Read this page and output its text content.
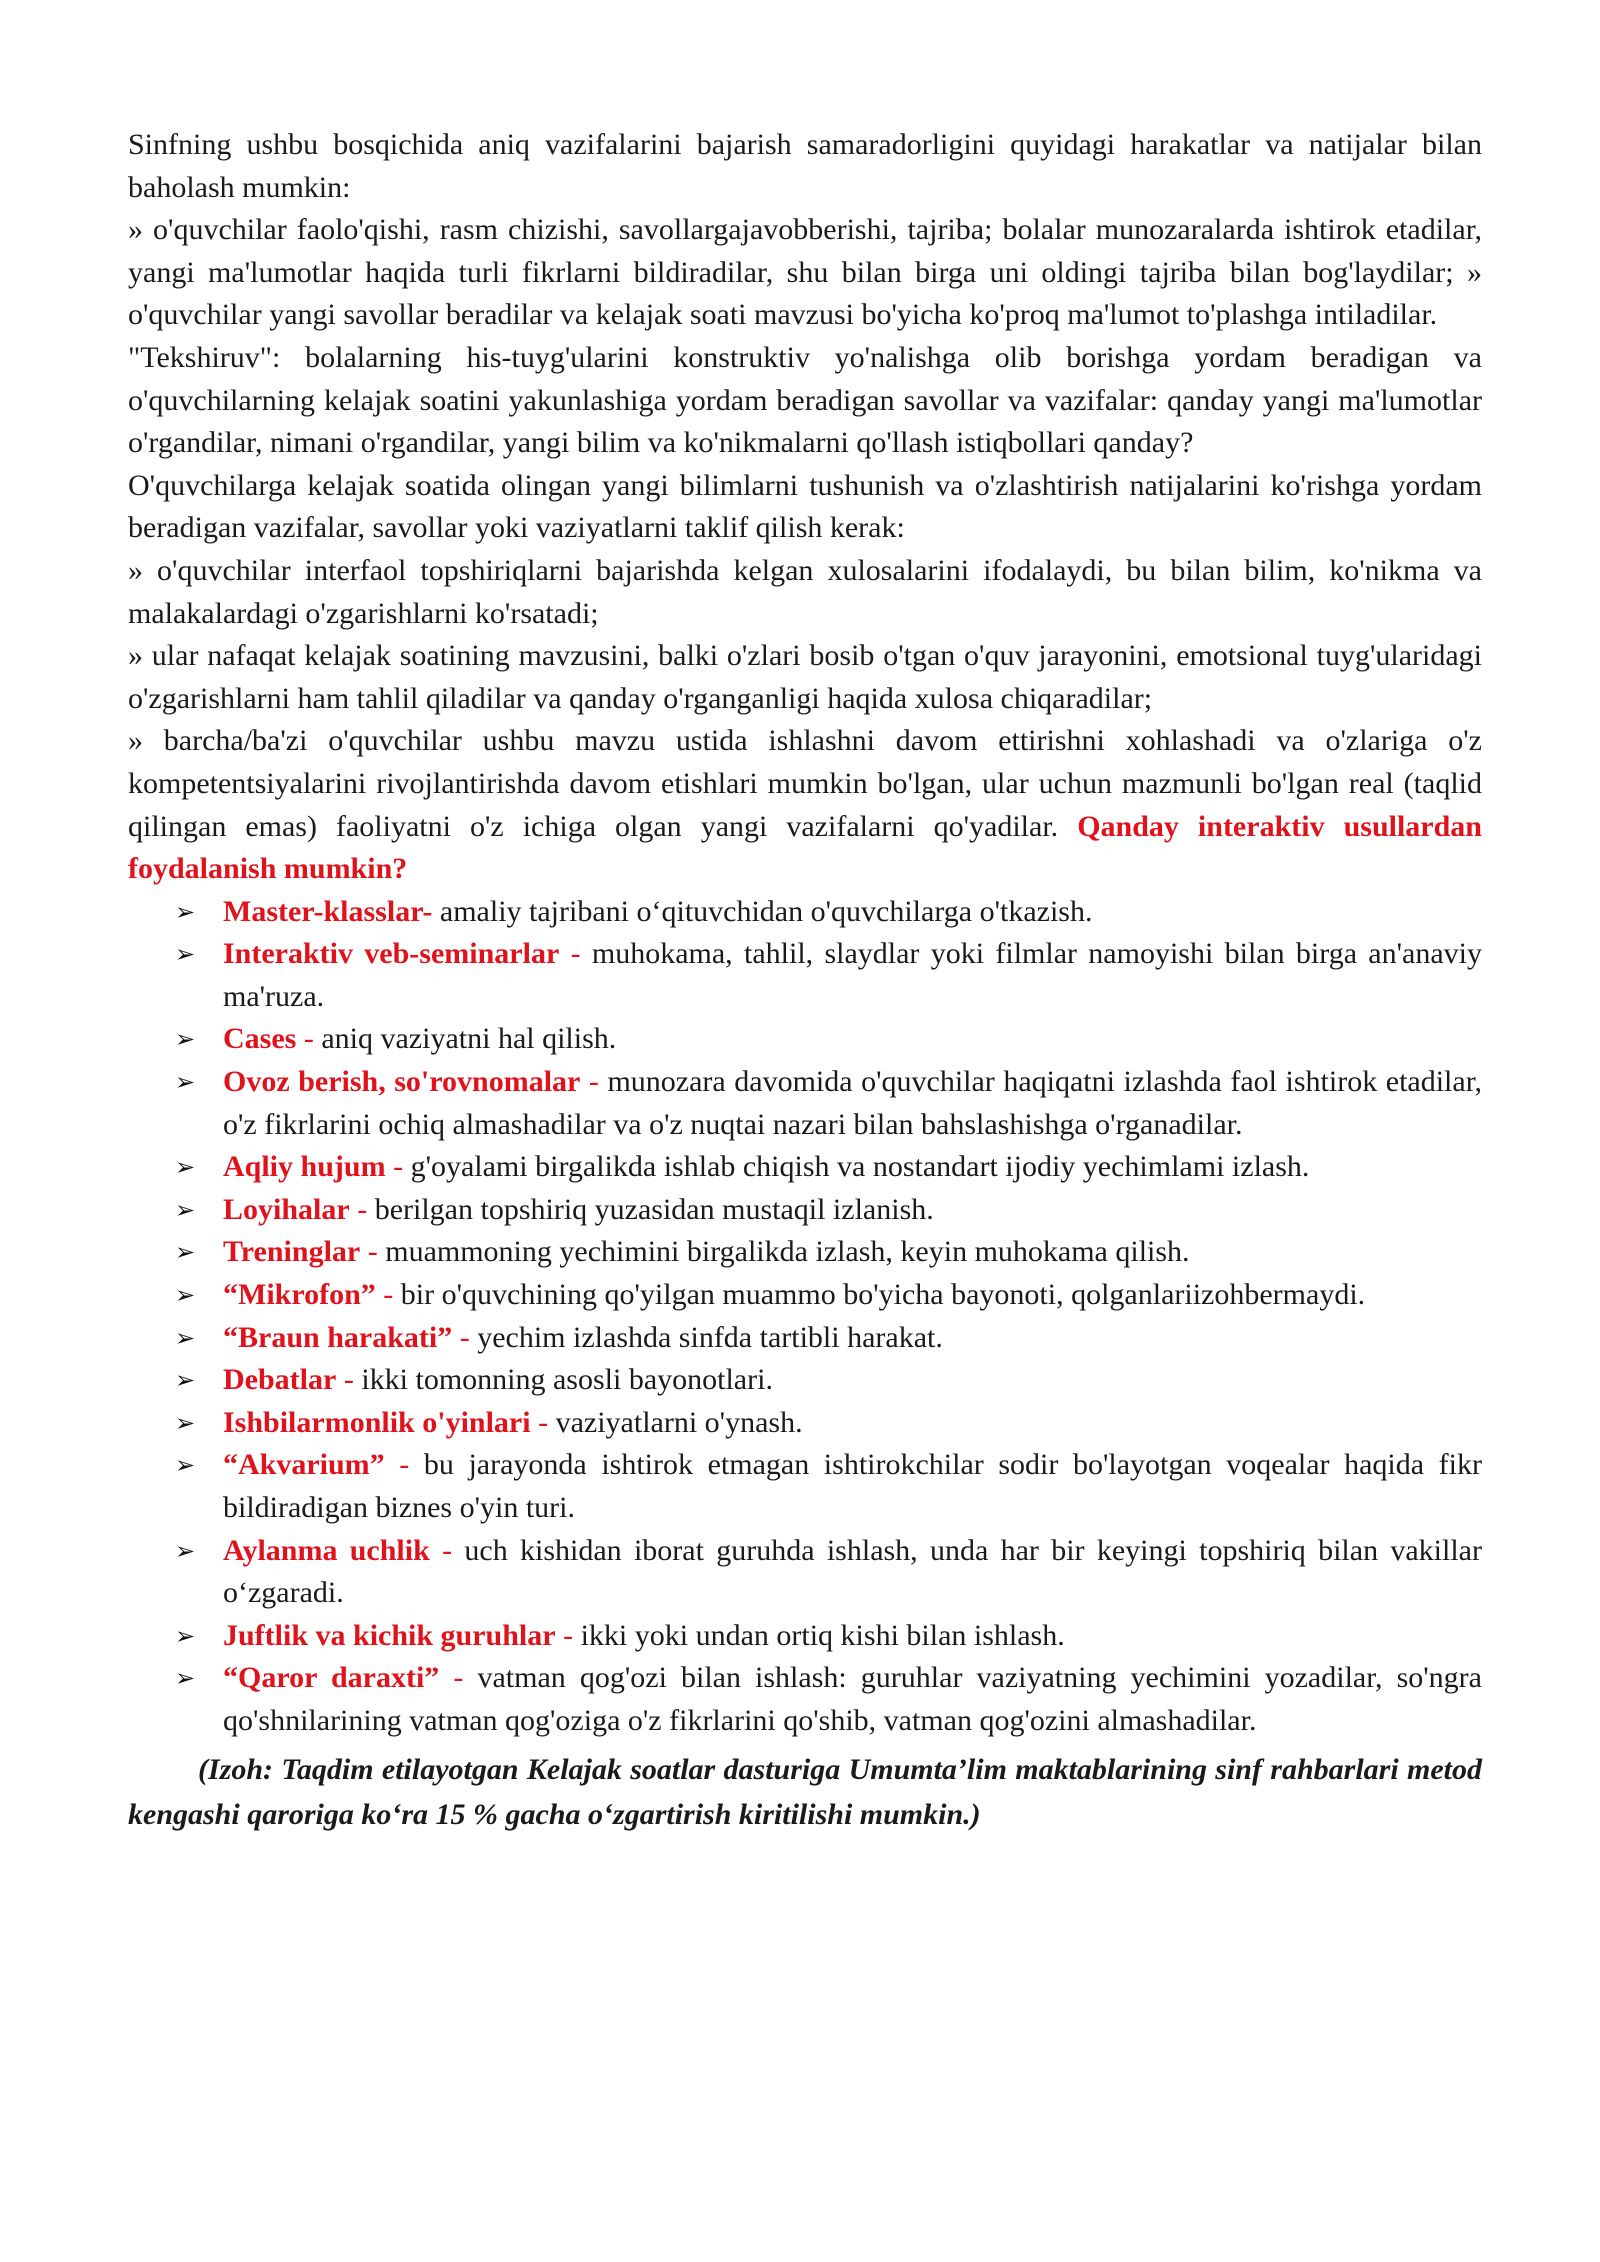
Sinfning ushbu bosqichida aniq vazifalarini bajarish samaradorligini quyidagi harakatlar va natijalar bilan baholash mumkin:

» o'quvchilar faolo'qishi, rasm chizishi, savollargajavobberishi, tajriba; bolalar munozaralarda ishtirok etadilar, yangi ma'lumotlar haqida turli fikrlarni bildiradilar, shu bilan birga uni oldingi tajriba bilan bog'laydilar; » o'quvchilar yangi savollar beradilar va kelajak soati mavzusi bo'yicha ko'proq ma'lumot to'plashga intiladilar.

"Tekshiruv": bolalarning his-tuyg'ularini konstruktiv yo'nalishga olib borishga yordam beradigan va o'quvchilarning kelajak soatini yakunlashiga yordam beradigan savollar va vazifalar: qanday yangi ma'lumotlar o'rgandilar, nimani o'rgandilar, yangi bilim va ko'nikmalarni qo'llash istiqbollari qanday?

O'quvchilarga kelajak soatida olingan yangi bilimlarni tushunish va o'zlashtirish natijalarini ko'rishga yordam beradigan vazifalar, savollar yoki vaziyatlarni taklif qilish kerak:

» o'quvchilar interfaol topshiriqlarni bajarishda kelgan xulosalarini ifodalaydi, bu bilan bilim, ko'nikma va malakalardagi o'zgarishlarni ko'rsatadi;

» ular nafaqat kelajak soatining mavzusini, balki o'zlari bosib o'tgan o'quv jarayonini, emotsional tuyg'ularidagi o'zgarishlarni ham tahlil qiladilar va qanday o'rganganligi haqida xulosa chiqaradilar;

» barcha/ba'zi o'quvchilar ushbu mavzu ustida ishlashni davom ettirishni xohlashadi va o'zlariga o'z kompetentsiyalarini rivojlantirishda davom etishlari mumkin bo'lgan, ular uchun mazmunli bo'lgan real (taqlid qilingan emas) faoliyatni o'z ichiga olgan yangi vazifalarni qo'yadilar. Qanday interaktiv usullardan foydalanish mumkin?

➢ Master-klasslar- amaliy tajribani o‘qituvchidan o'quvchilarga o'tkazish.
➢ Interaktiv veb-seminarlar - muhokama, tahlil, slaydlar yoki filmlar namoyishi bilan birga an'anaviy ma'ruza.
➢ Cases - aniq vaziyatni hal qilish.
➢ Ovoz berish, so'rovnomalar - munozara davomida o'quvchilar haqiqatni izlashda faol ishtirok etadilar, o'z fikrlarini ochiq almashadilar va o'z nuqtai nazari bilan bahslashishga o'rganadilar.
➢ Aqliy hujum - g'oyalami birgalikda ishlab chiqish va nostandart ijodiy yechimlami izlash.
➢ Loyihalar - berilgan topshiriq yuzasidan mustaqil izlanish.
➢ Treninglar - muammoning yechimini birgalikda izlash, keyin muhokama qilish.
➢ “Mikrofon” - bir o'quvchining qo'yilgan muammo bo'yicha bayonoti, qolganlariizohbermaydi.
➢ “Braun harakati” - yechim izlashda sinfda tartibli harakat.
➢ Debatlar - ikki tomonning asosli bayonotlari.
➢ Ishbilarmonlik o'yinlari - vaziyatlarni o'ynash.
➢ “Akvarium” - bu jarayonda ishtirok etmagan ishtirokchilar sodir bo'layotgan voqealar haqida fikr bildiradigan biznes o'yin turi.
➢ Aylanma uchlik - uch kishidan iborat guruhda ishlash, unda har bir keyingi topshiriq bilan vakillar o‘zgaradi.
➢ Juftlik va kichik guruhlar - ikki yoki undan ortiq kishi bilan ishlash.
➢ “Qaror daraxti” - vatman qog'ozi bilan ishlash: guruhlar vaziyatning yechimini yozadilar, so'ngra qo'shnilarining vatman qog'oziga o'z fikrlarini qo'shib, vatman qog'ozini almashadilar.

(Izoh: Taqdim etilayotgan Kelajak soatlar dasturiga Umumta’lim maktablarining sinf rahbarlari metod kengashi qaroriga ko‘ra 15 % gacha o‘zgartirish kiritilishi mumkin.)
